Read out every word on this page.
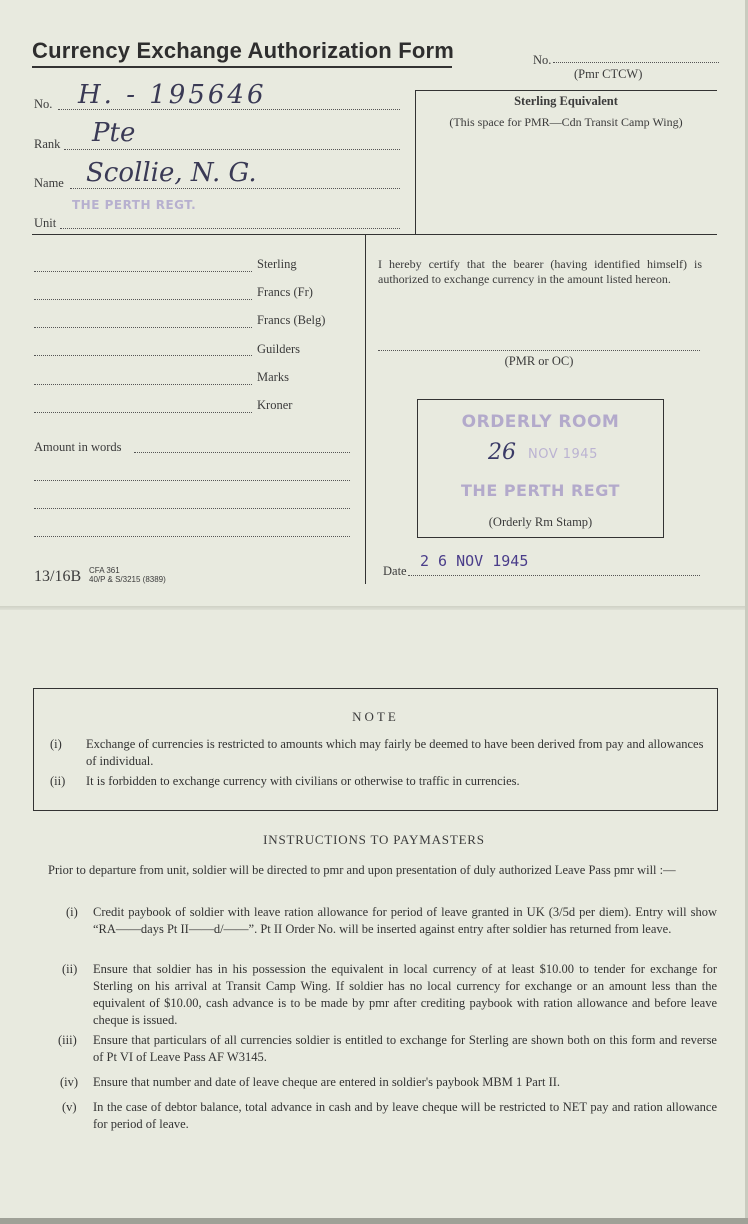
Currency Exchange Authorization Form	No.
(Pmr CTCW)
No. H. - 195646
Rank Pte
Name Scollie, N. G.
Unit
THE PERTH REGT.
Sterling Equivalent
(This space for PMR—Cdn Transit Camp Wing)
Sterling
Francs (Fr)
Francs (Belg)
Guilders
Marks
Kroner
Amount in words
13/16B CFA 361
40/P & S/3215 (8389)
I hereby certify that the bearer (having identified himself) is authorized to exchange currency in the amount listed hereon.
(PMR or OC)
ORDERLY ROOM
26 NOV 1945
THE PERTH REGT
(Orderly Rm Stamp)
Date
2 6 NOV 1945
NOTE
(i) Exchange of currencies is restricted to amounts which may fairly be deemed to have been derived from pay and allowances of individual.
(ii) It is forbidden to exchange currency with civilians or otherwise to traffic in currencies.
INSTRUCTIONS TO PAYMASTERS
Prior to departure from unit, soldier will be directed to pmr and upon presentation of duly authorized Leave Pass pmr will :—
(i) Credit paybook of soldier with leave ration allowance for period of leave granted in UK (3/5d per diem). Entry will show “RA——days Pt II——d/——”. Pt II Order No. will be inserted against entry after soldier has returned from leave.
(ii) Ensure that soldier has in his possession the equivalent in local currency of at least $10.00 to tender for exchange for Sterling on his arrival at Transit Camp Wing. If soldier has no local currency for exchange or an amount less than the equivalent of $10.00, cash advance is to be made by pmr after crediting paybook with ration allowance and before leave cheque is issued.
(iii) Ensure that particulars of all currencies soldier is entitled to exchange for Sterling are shown both on this form and reverse of Pt VI of Leave Pass AF W3145.
(iv) Ensure that number and date of leave cheque are entered in soldier's paybook MBM 1 Part II.
(v) In the case of debtor balance, total advance in cash and by leave cheque will be restricted to NET pay and ration allowance for period of leave.
